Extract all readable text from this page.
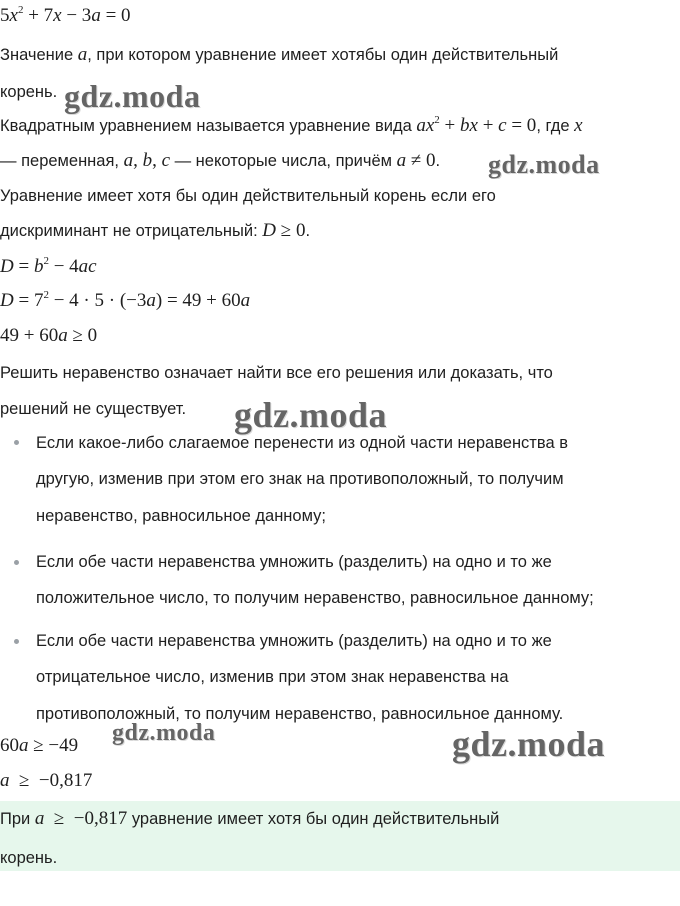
$5x^2 + 7x - 3a = 0$
Значение a, при котором уравнение имеет хотябы один действительный
корень.
Квадратным уравнением называется уравнение вида $ax^2$ + bx + c = 0, где x
— переменная, a, b, c — некоторые числа, причём a ≠ 0.
Уравнение имеет хотя бы один действительный корень если его
дискриминант не отрицательный: D ≥ 0.
$D = b^2 - 4ac$
$D = 7^2 - 4 \cdot 5 \cdot (-3a) = 49 + 60a$
49 + 60a ≥ 0
Решить неравенство означает найти все его решения или доказать, что
решений не существует.
Если какое-либо слагаемое перенести из одной части неравенства в
другую, изменив при этом его знак на противоположный, то получим
неравенство, равносильное данному;
Если обе части неравенства умножить (разделить) на одно и то же
положительное число, то получим неравенство, равносильное данному;
Если обе части неравенства умножить (разделить) на одно и то же
отрицательное число, изменив при этом знак неравенства на
противоположный, то получим неравенство, равносильное данному.
60a ≥ −49
a  ≥  −0,817
При a  ≥  −0,817 уравнение имеет хотя бы один действительный
корень.
gdz.moda
gdz.moda
gdz.moda
gdz.moda	gdz.moda
